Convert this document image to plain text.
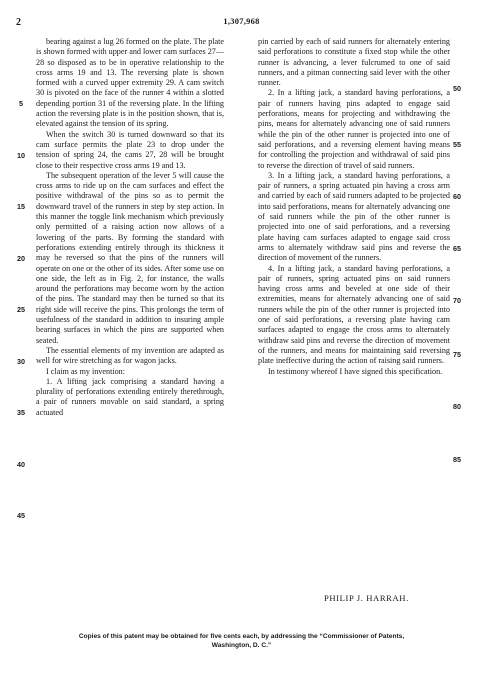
2	1,307,968

bearing against a lug 26 formed on the plate. The plate is shown formed with upper and lower cam surfaces 27—28 so disposed as to be in operative relationship to the cross arms 19 and 13. The reversing plate is shown formed with a curved upper extremity 29. A cam switch 30 is pivoted on the face of the runner 4 within a slotted depending portion 31 of the reversing plate. In the lifting action the reversing plate is in the position shown, that is, elevated against the tension of its spring.

When the switch 30 is turned downward so that its cam surface permits the plate 23 to drop under the tension of spring 24, the cams 27, 28 will be brought close to their respective cross arms 19 and 13.

The subsequent operation of the lever 5 will cause the cross arms to ride up on the cam surfaces and effect the positive withdrawal of the pins so as to permit the downward travel of the runners in step by step action. In this manner the toggle link mechanism which previously only permitted of a raising action now allows of a lowering of the parts. By forming the standard with perforations extending entirely through its thickness it may be reversed so that the pins of the runners will operate on one or the other of its sides. After some use on one side, the left as in Fig. 2, for instance, the walls around the perforations may become worn by the action of the pins. The standard may then be turned so that its right side will receive the pins. This prolongs the term of usefulness of the standard in addition to insuring ample bearing surfaces in which the pins are supported when seated.

The essential elements of my invention are adapted as well for wire stretching as for wagon jacks.

I claim as my invention:

1. A lifting jack comprising a standard having a plurality of perforations extending entirely therethrough, a pair of runners movable on said standard, a spring actuated

pin carried by each of said runners for alternately entering said perforations to constitute a fixed stop while the other runner is advancing, a lever fulcrumed to one of said runners, and a pitman connecting said lever with the other runner.

2. In a lifting jack, a standard having perforations, a pair of runners having pins adapted to engage said perforations, means for projecting and withdrawing the pins, means for alternately advancing one of said runners while the pin of the other runner is projected into one of said perforations, and a reversing element having means for controlling the projection and withdrawal of said pins to reverse the direction of travel of said runners.

3. In a lifting jack, a standard having perforations, a pair of runners, a spring actuated pin having a cross arm and carried by each of said runners adapted to be projected into said perforations, means for alternately advancing one of said runners while the pin of the other runner is projected into one of said perforations, and a reversing plate having cam surfaces adapted to engage said cross arms to alternately withdraw said pins and reverse the direction of movement of the runners.

4. In a lifting jack, a standard having perforations, a pair of runners, spring actuated pins on said runners having cross arms and beveled at one side of their extremities, means for alternately advancing one of said runners while the pin of the other runner is projected into one of said perforations, a reversing plate having cam surfaces adapted to engage the cross arms to alternately withdraw said pins and reverse the direction of movement of the runners, and means for maintaining said reversing plate ineffective during the action of raising said runners.

In testimony whereof I have signed this specification.

5
10
15
20
25
30
35
40
45
50
55
60
65
70
75
80
85
PHILIP J. HARRAH.
Copies of this patent may be obtained for five cents each, by addressing the “Commissioner of Patents,
Washington, D. C.”
